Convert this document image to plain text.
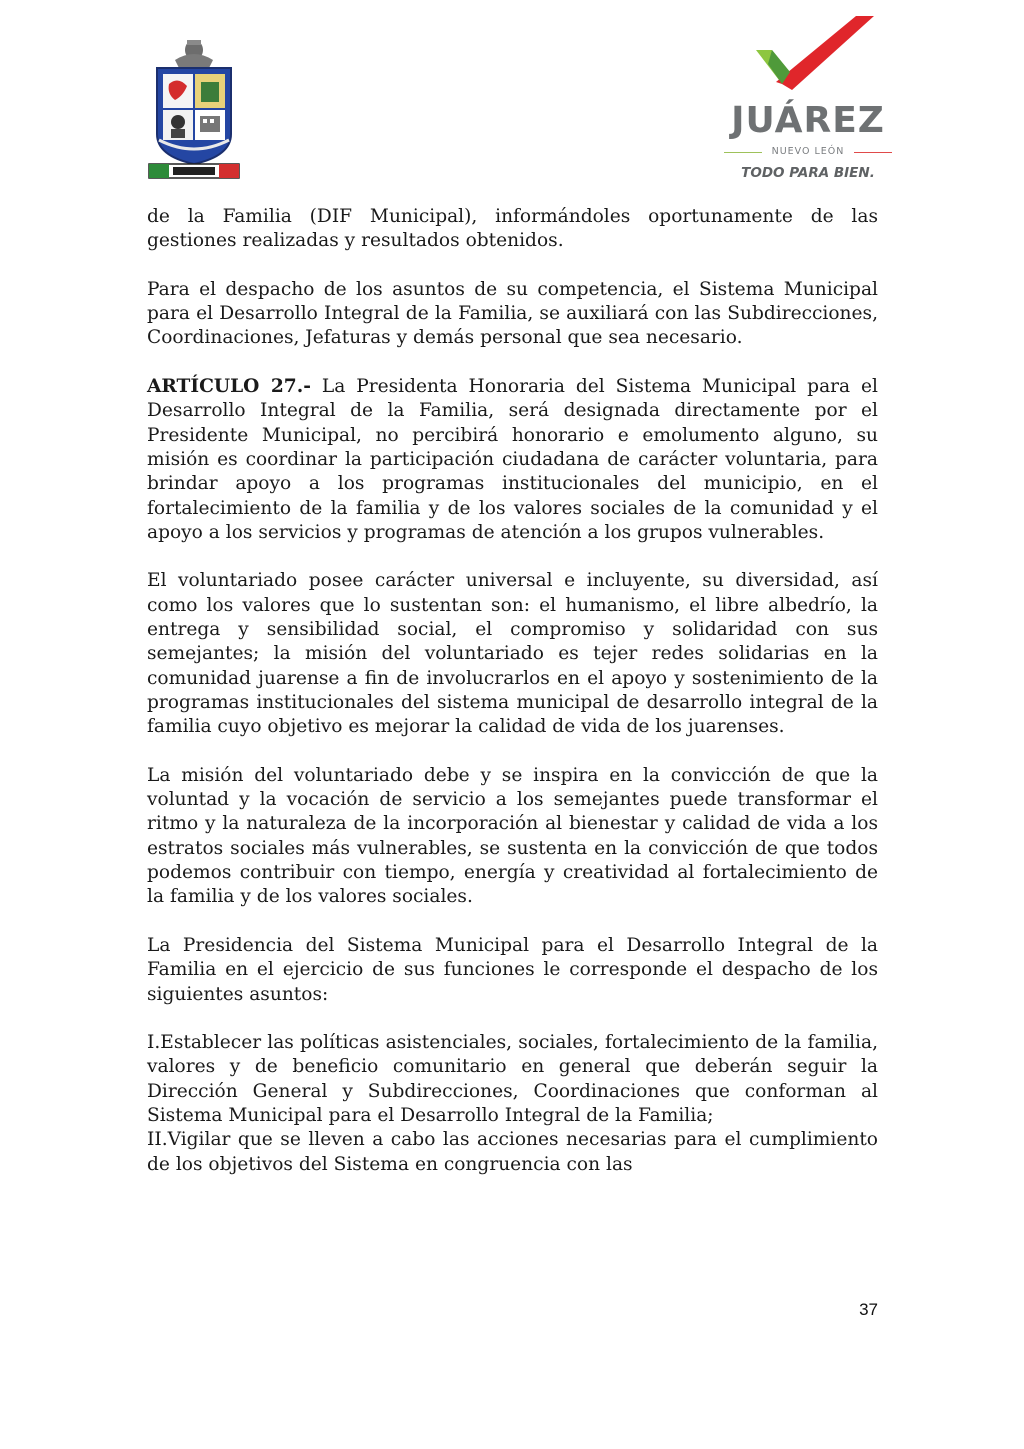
JUÁREZ
NUEVO LEÓN
TODO PARA BIEN.

de la Familia (DIF Municipal), informándoles oportunamente de las gestiones realizadas y resultados obtenidos.

Para el despacho de los asuntos de su competencia, el Sistema Municipal para el Desarrollo Integral de la Familia, se auxiliará con las Subdirecciones, Coordinaciones, Jefaturas y demás personal que sea necesario.

ARTÍCULO 27.- La Presidenta Honoraria del Sistema Municipal para el Desarrollo Integral de la Familia, será designada directamente por el Presidente Municipal, no percibirá honorario e emolumento alguno, su misión es coordinar la participación ciudadana de carácter voluntaria, para brindar apoyo a los programas institucionales del municipio, en el fortalecimiento de la familia y de los valores sociales de la comunidad y el apoyo a los servicios y programas de atención a los grupos vulnerables.

El voluntariado posee carácter universal e incluyente, su diversidad, así como los valores que lo sustentan son: el humanismo, el libre albedrío, la entrega y sensibilidad social, el compromiso y solidaridad con sus semejantes; la misión del voluntariado es tejer redes solidarias en la comunidad juarense a fin de involucrarlos en el apoyo y sostenimiento de la programas institucionales del sistema municipal de desarrollo integral de la familia cuyo objetivo es mejorar la calidad de vida de los juarenses.

La misión del voluntariado debe y se inspira en la convicción de que la voluntad y la vocación de servicio a los semejantes puede transformar el ritmo y la naturaleza de la incorporación al bienestar y calidad de vida a los estratos sociales más vulnerables, se sustenta en la convicción de que todos podemos contribuir con tiempo, energía y creatividad al fortalecimiento de la familia y de los valores sociales.

La Presidencia del Sistema Municipal para el Desarrollo Integral de la Familia en el ejercicio de sus funciones le corresponde el despacho de los siguientes asuntos:

I.Establecer las políticas asistenciales, sociales, fortalecimiento de la familia, valores y de beneficio comunitario en general que deberán seguir la Dirección General y Subdirecciones, Coordinaciones que conforman al Sistema Municipal para el Desarrollo Integral de la Familia;

II.Vigilar que se lleven a cabo las acciones necesarias para el cumplimiento de los objetivos del Sistema en congruencia con las

37
